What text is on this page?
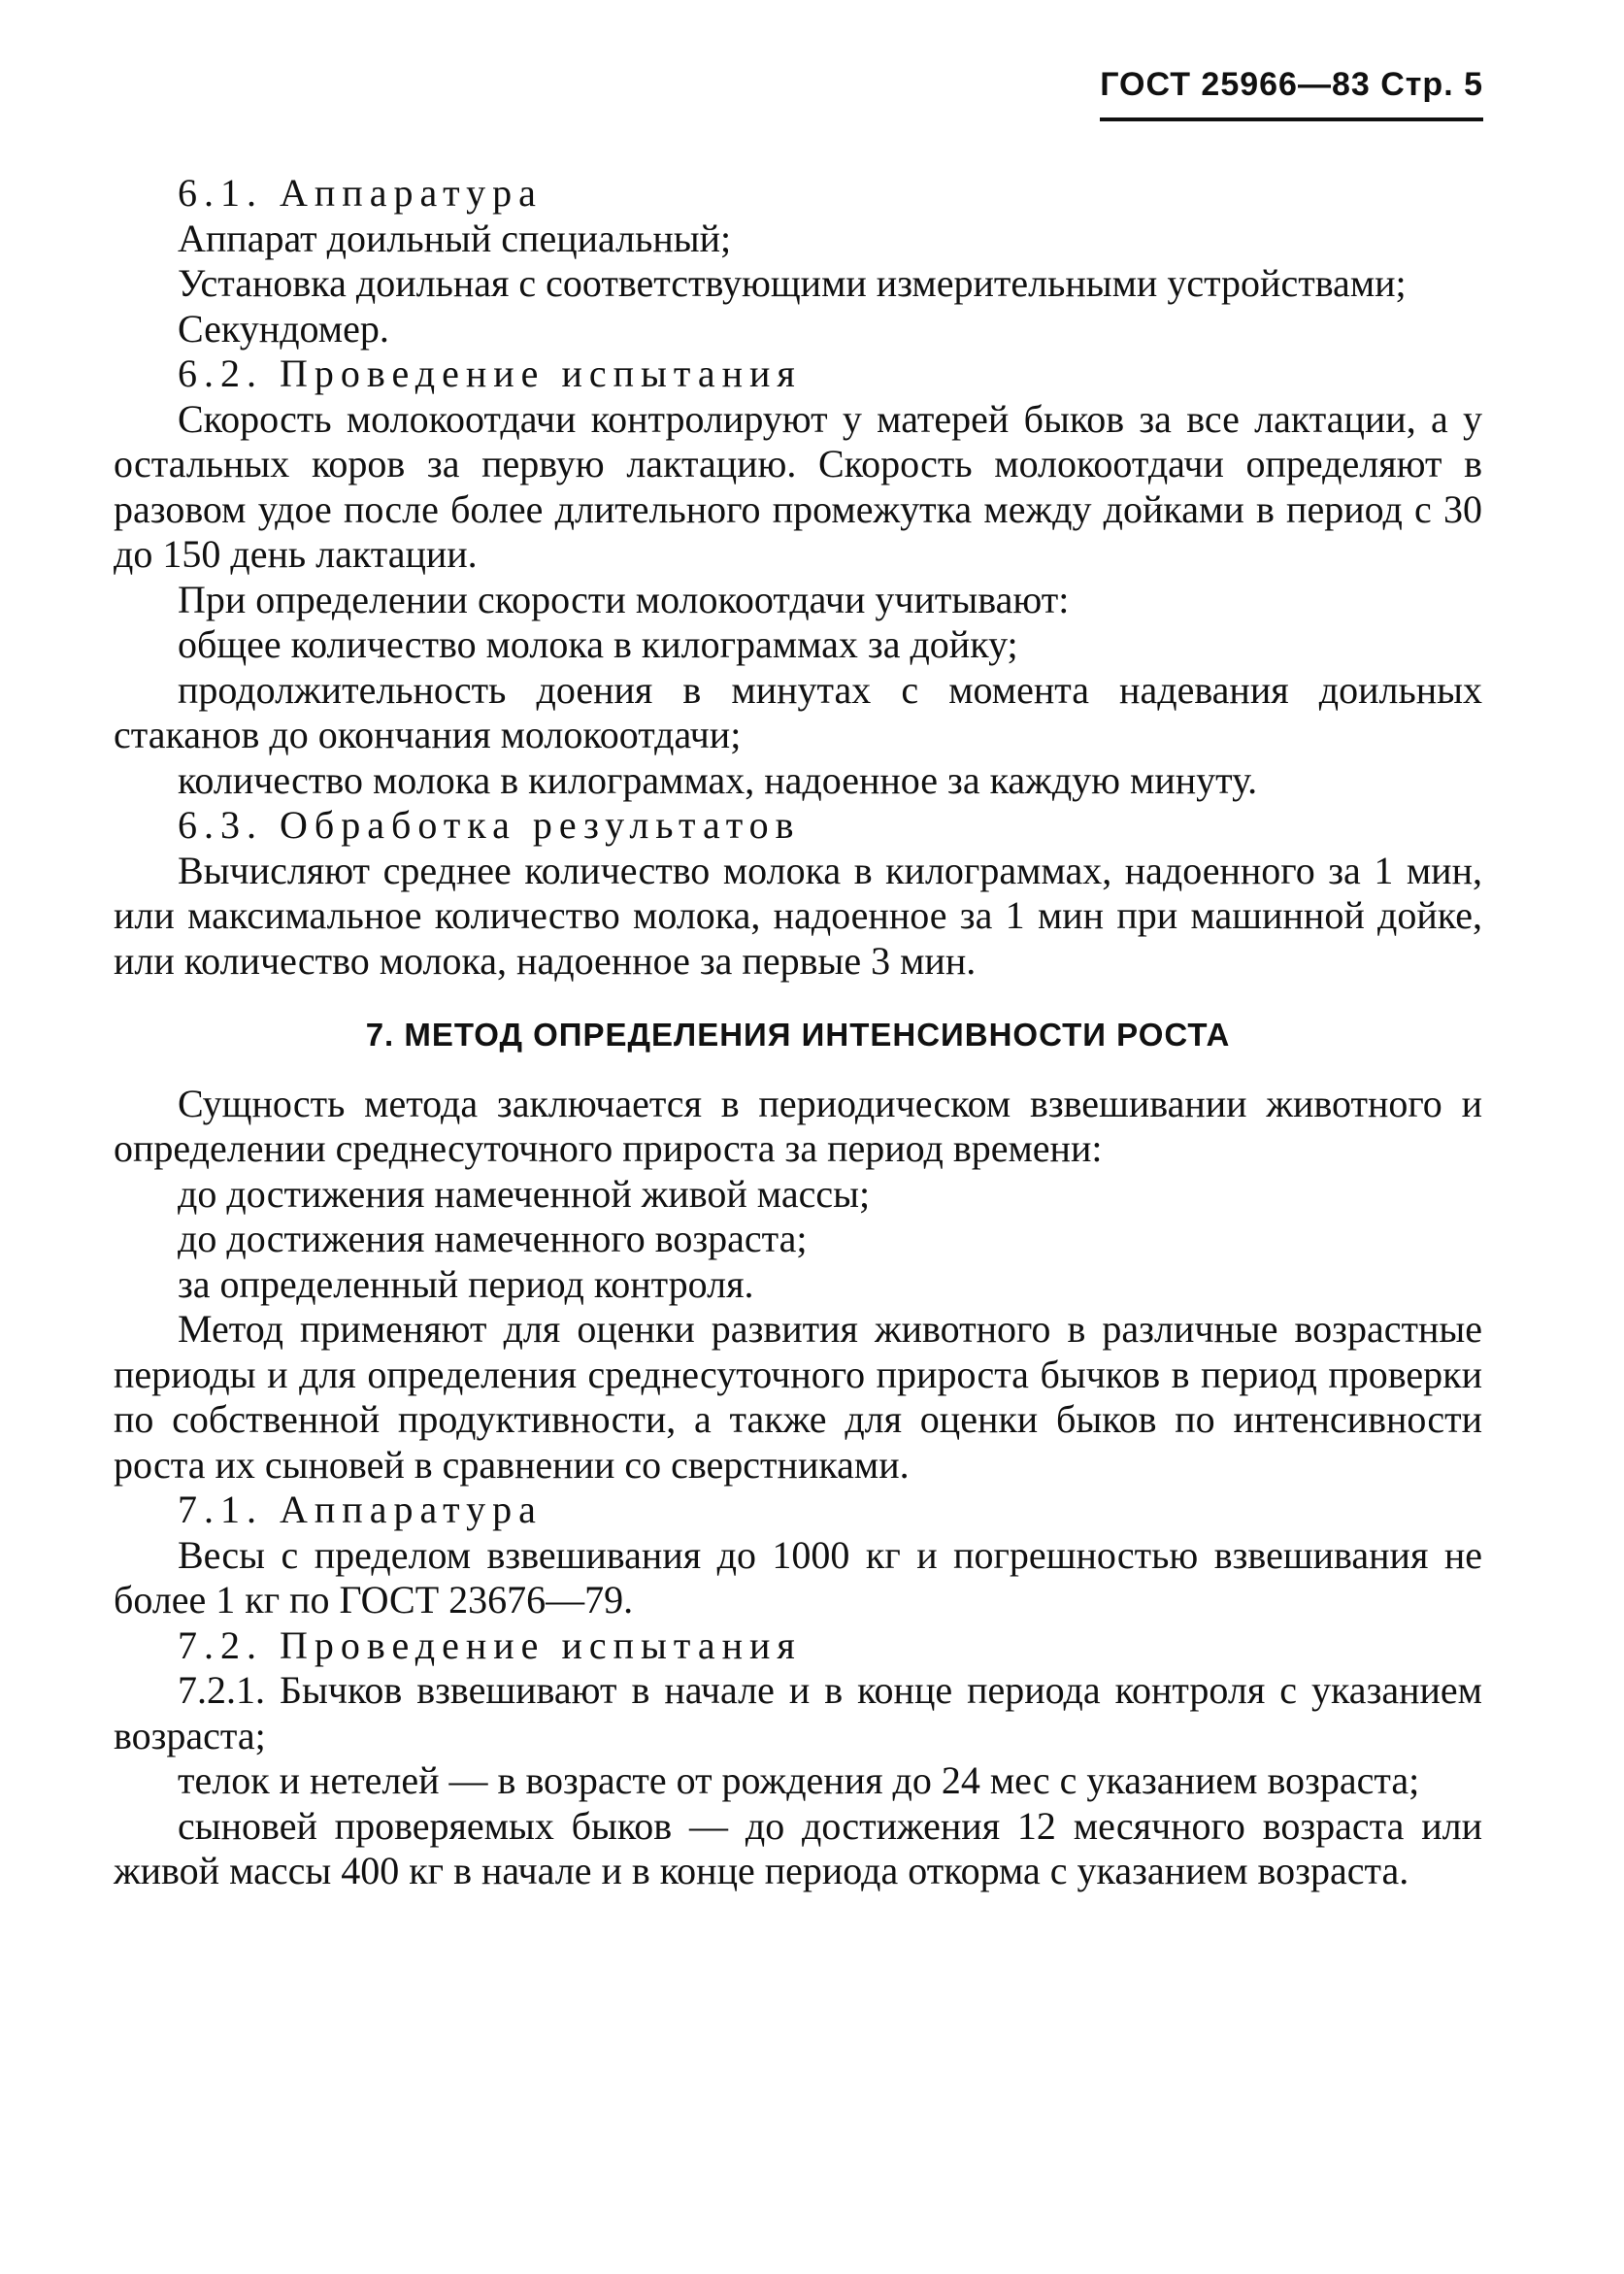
ГОСТ 25966—83 Стр. 5

6.1. Аппаратура

Аппарат доильный специальный;

Установка доильная с соответствующими измерительными устройствами;

Секундомер.

6.2. Проведение испытания

Скорость молокоотдачи контролируют у матерей быков за все лактации, а у остальных коров за первую лактацию. Скорость молокоотдачи определяют в разовом удое после более длительного промежутка между дойками в период с 30 до 150 день лактации.

При определении скорости молокоотдачи учитывают:

общее количество молока в килограммах за дойку;

продолжительность доения в минутах с момента надевания доильных стаканов до окончания молокоотдачи;

количество молока в килограммах, надоенное за каждую минуту.

6.3. Обработка результатов

Вычисляют среднее количество молока в килограммах, надоенного за 1 мин, или максимальное количество молока, надоенное за 1 мин при машинной дойке, или количество молока, надоенное за первые 3 мин.

7. МЕТОД ОПРЕДЕЛЕНИЯ ИНТЕНСИВНОСТИ РОСТА

Сущность метода заключается в периодическом взвешивании животного и определении среднесуточного прироста за период времени:

до достижения намеченной живой массы;

до достижения намеченного возраста;

за определенный период контроля.

Метод применяют для оценки развития животного в различные возрастные периоды и для определения среднесуточного прироста бычков в период проверки по собственной продуктивности, а также для оценки быков по интенсивности роста их сыновей в сравнении со сверстниками.

7.1. Аппаратура

Весы с пределом взвешивания до 1000 кг и погрешностью взвешивания не более 1 кг по ГОСТ 23676—79.

7.2. Проведение испытания

7.2.1. Бычков взвешивают в начале и в конце периода контроля с указанием возраста;

телок и нетелей — в возрасте от рождения до 24 мес с указанием возраста;

сыновей проверяемых быков — до достижения 12 месячного возраста или живой массы 400 кг в начале и в конце периода откорма с указанием возраста.
